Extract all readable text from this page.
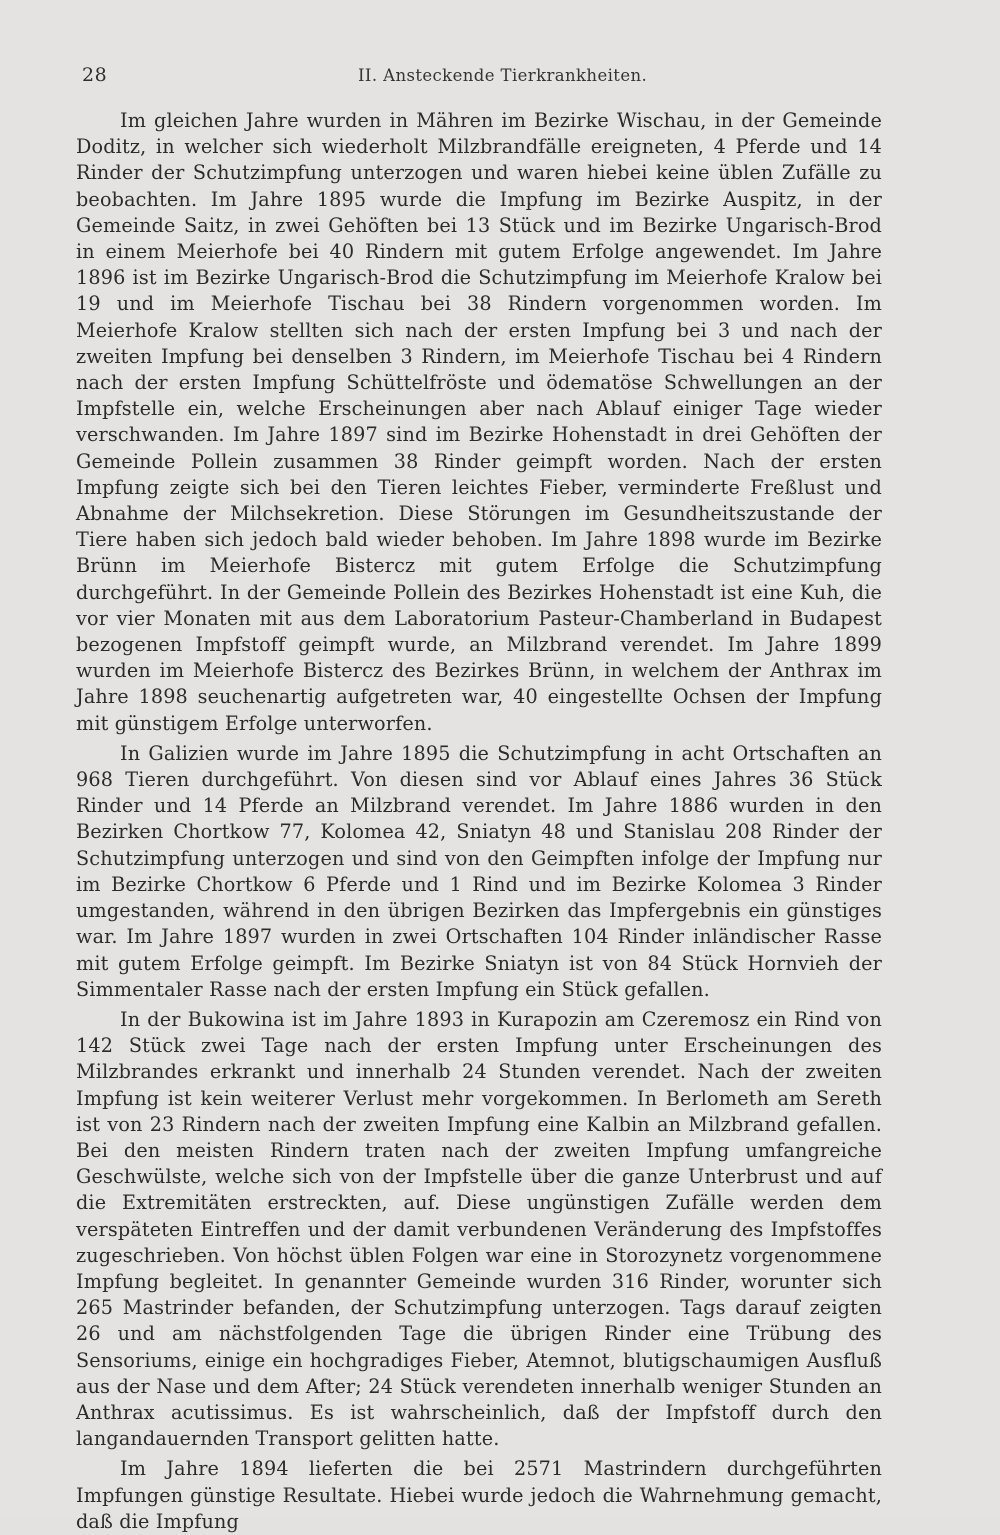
28	II. Ansteckende Tierkrankheiten.

Im gleichen Jahre wurden in Mähren im Bezirke Wischau, in der Gemeinde Doditz, in welcher sich wiederholt Milzbrandfälle ereigneten, 4 Pferde und 14 Rinder der Schutzimpfung unterzogen und waren hiebei keine üblen Zufälle zu beobachten. Im Jahre 1895 wurde die Impfung im Bezirke Auspitz, in der Gemeinde Saitz, in zwei Gehöften bei 13 Stück und im Bezirke Ungarisch-Brod in einem Meierhofe bei 40 Rindern mit gutem Erfolge angewendet. Im Jahre 1896 ist im Bezirke Ungarisch-Brod die Schutzimpfung im Meierhofe Kralow bei 19 und im Meierhofe Tischau bei 38 Rindern vorgenommen worden. Im Meierhofe Kralow stellten sich nach der ersten Impfung bei 3 und nach der zweiten Impfung bei denselben 3 Rindern, im Meierhofe Tischau bei 4 Rindern nach der ersten Impfung Schüttelfröste und ödematöse Schwellungen an der Impfstelle ein, welche Erscheinungen aber nach Ablauf einiger Tage wieder verschwanden. Im Jahre 1897 sind im Bezirke Hohenstadt in drei Gehöften der Gemeinde Pollein zusammen 38 Rinder geimpft worden. Nach der ersten Impfung zeigte sich bei den Tieren leichtes Fieber, verminderte Freßlust und Abnahme der Milchsekretion. Diese Störungen im Gesundheitszustande der Tiere haben sich jedoch bald wieder behoben. Im Jahre 1898 wurde im Bezirke Brünn im Meierhofe Bistercz mit gutem Erfolge die Schutzimpfung durchgeführt. In der Gemeinde Pollein des Bezirkes Hohenstadt ist eine Kuh, die vor vier Monaten mit aus dem Laboratorium Pasteur-Chamberland in Budapest bezogenen Impfstoff geimpft wurde, an Milzbrand verendet. Im Jahre 1899 wurden im Meierhofe Bistercz des Bezirkes Brünn, in welchem der Anthrax im Jahre 1898 seuchenartig aufgetreten war, 40 eingestellte Ochsen der Impfung mit günstigem Erfolge unterworfen.

In Galizien wurde im Jahre 1895 die Schutzimpfung in acht Ortschaften an 968 Tieren durchgeführt. Von diesen sind vor Ablauf eines Jahres 36 Stück Rinder und 14 Pferde an Milzbrand verendet. Im Jahre 1886 wurden in den Bezirken Chortkow 77, Kolomea 42, Sniatyn 48 und Stanislau 208 Rinder der Schutzimpfung unterzogen und sind von den Geimpften infolge der Impfung nur im Bezirke Chortkow 6 Pferde und 1 Rind und im Bezirke Kolomea 3 Rinder umgestanden, während in den übrigen Bezirken das Impfergebnis ein günstiges war. Im Jahre 1897 wurden in zwei Ortschaften 104 Rinder inländischer Rasse mit gutem Erfolge geimpft. Im Bezirke Sniatyn ist von 84 Stück Hornvieh der Simmentaler Rasse nach der ersten Impfung ein Stück gefallen.

In der Bukowina ist im Jahre 1893 in Kurapozin am Czeremosz ein Rind von 142 Stück zwei Tage nach der ersten Impfung unter Erscheinungen des Milzbrandes erkrankt und innerhalb 24 Stunden verendet. Nach der zweiten Impfung ist kein weiterer Verlust mehr vorgekommen. In Berlometh am Sereth ist von 23 Rindern nach der zweiten Impfung eine Kalbin an Milzbrand gefallen. Bei den meisten Rindern traten nach der zweiten Impfung umfangreiche Geschwülste, welche sich von der Impfstelle über die ganze Unterbrust und auf die Extremitäten erstreckten, auf. Diese ungünstigen Zufälle werden dem verspäteten Eintreffen und der damit verbundenen Veränderung des Impfstoffes zugeschrieben. Von höchst üblen Folgen war eine in Storozynetz vorgenommene Impfung begleitet. In genannter Gemeinde wurden 316 Rinder, worunter sich 265 Mastrinder befanden, der Schutzimpfung unterzogen. Tags darauf zeigten 26 und am nächstfolgenden Tage die übrigen Rinder eine Trübung des Sensoriums, einige ein hochgradiges Fieber, Atemnot, blutigschaumigen Ausfluß aus der Nase und dem After; 24 Stück verendeten innerhalb weniger Stunden an Anthrax acutissimus. Es ist wahrscheinlich, daß der Impfstoff durch den langandauernden Transport gelitten hatte.

Im Jahre 1894 lieferten die bei 2571 Mastrindern durchgeführten Impfungen günstige Resultate. Hiebei wurde jedoch die Wahrnehmung gemacht, daß die Impfung
